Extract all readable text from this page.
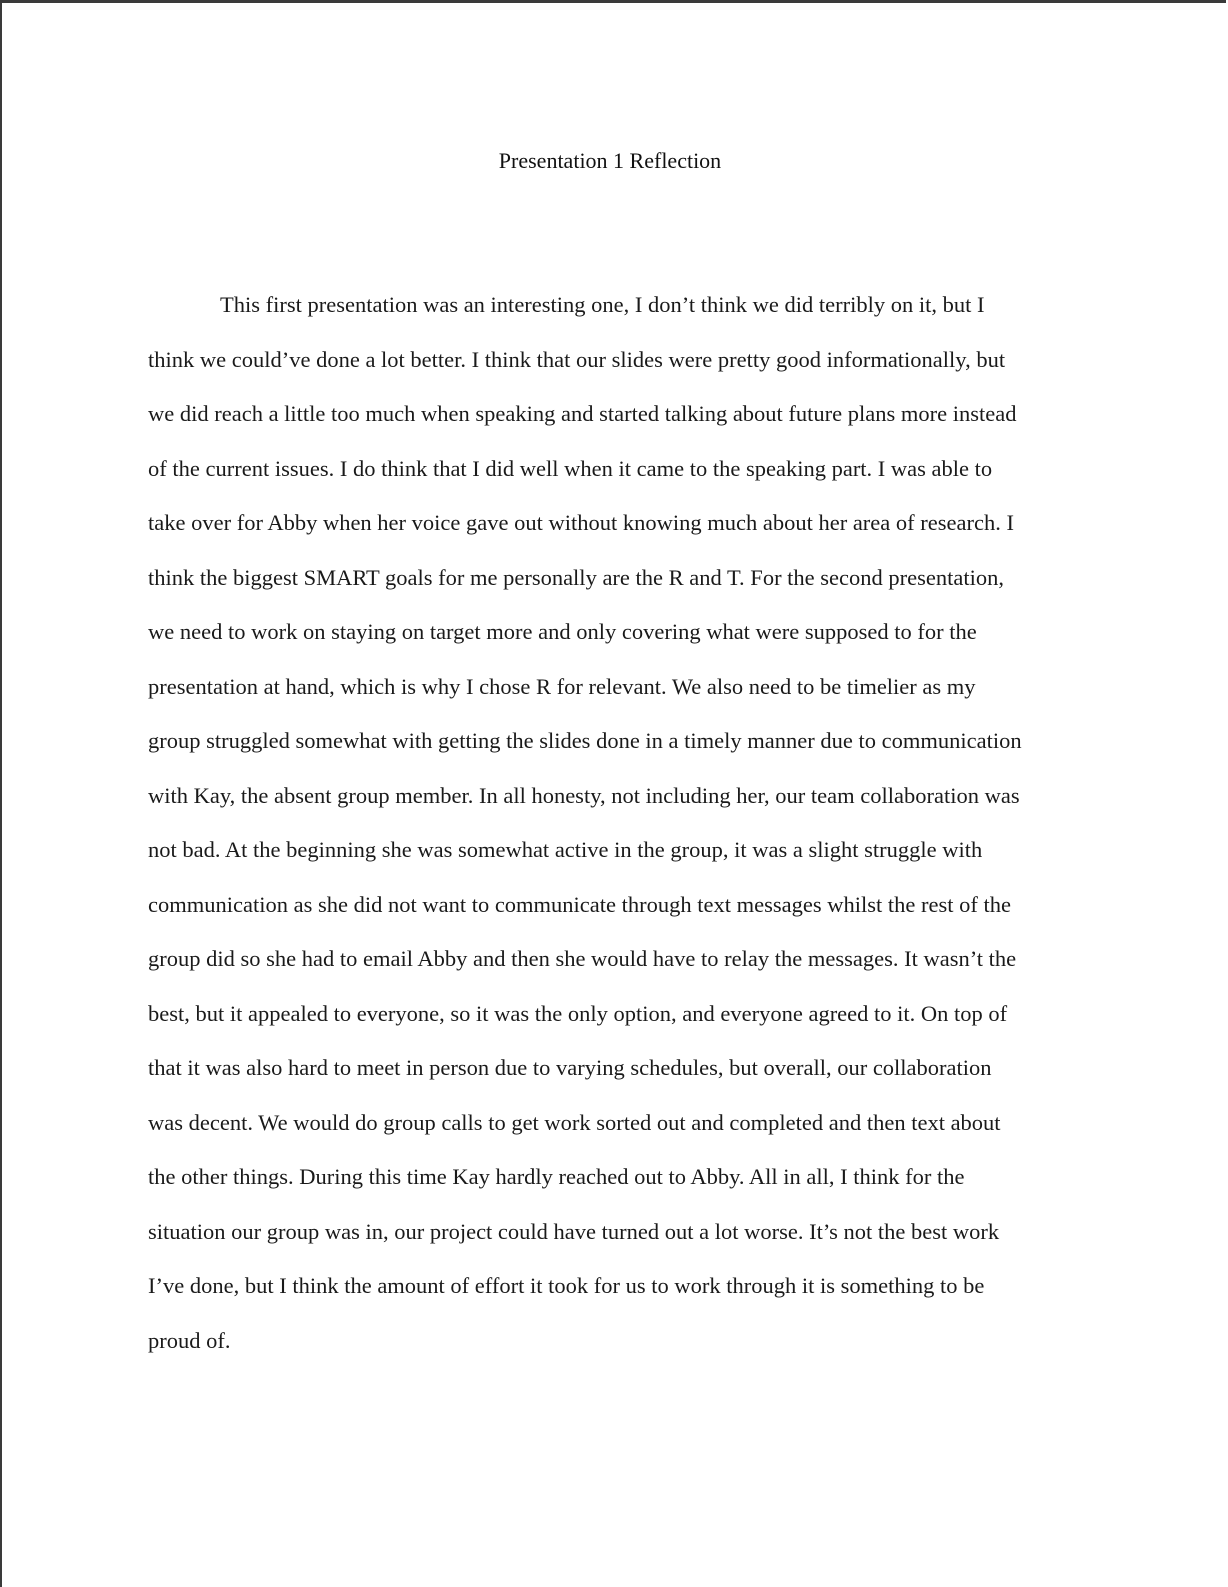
Presentation 1 Reflection
This first presentation was an interesting one, I don’t think we did terribly on it, but I
think we could’ve done a lot better. I think that our slides were pretty good informationally, but
we did reach a little too much when speaking and started talking about future plans more instead
of the current issues. I do think that I did well when it came to the speaking part. I was able to
take over for Abby when her voice gave out without knowing much about her area of research. I
think the biggest SMART goals for me personally are the R and T. For the second presentation,
we need to work on staying on target more and only covering what were supposed to for the
presentation at hand, which is why I chose R for relevant. We also need to be timelier as my
group struggled somewhat with getting the slides done in a timely manner due to communication
with Kay, the absent group member. In all honesty, not including her, our team collaboration was
not bad. At the beginning she was somewhat active in the group, it was a slight struggle with
communication as she did not want to communicate through text messages whilst the rest of the
group did so she had to email Abby and then she would have to relay the messages. It wasn’t the
best, but it appealed to everyone, so it was the only option, and everyone agreed to it. On top of
that it was also hard to meet in person due to varying schedules, but overall, our collaboration
was decent. We would do group calls to get work sorted out and completed and then text about
the other things. During this time Kay hardly reached out to Abby. All in all, I think for the
situation our group was in, our project could have turned out a lot worse. It’s not the best work
I’ve done, but I think the amount of effort it took for us to work through it is something to be
proud of.
